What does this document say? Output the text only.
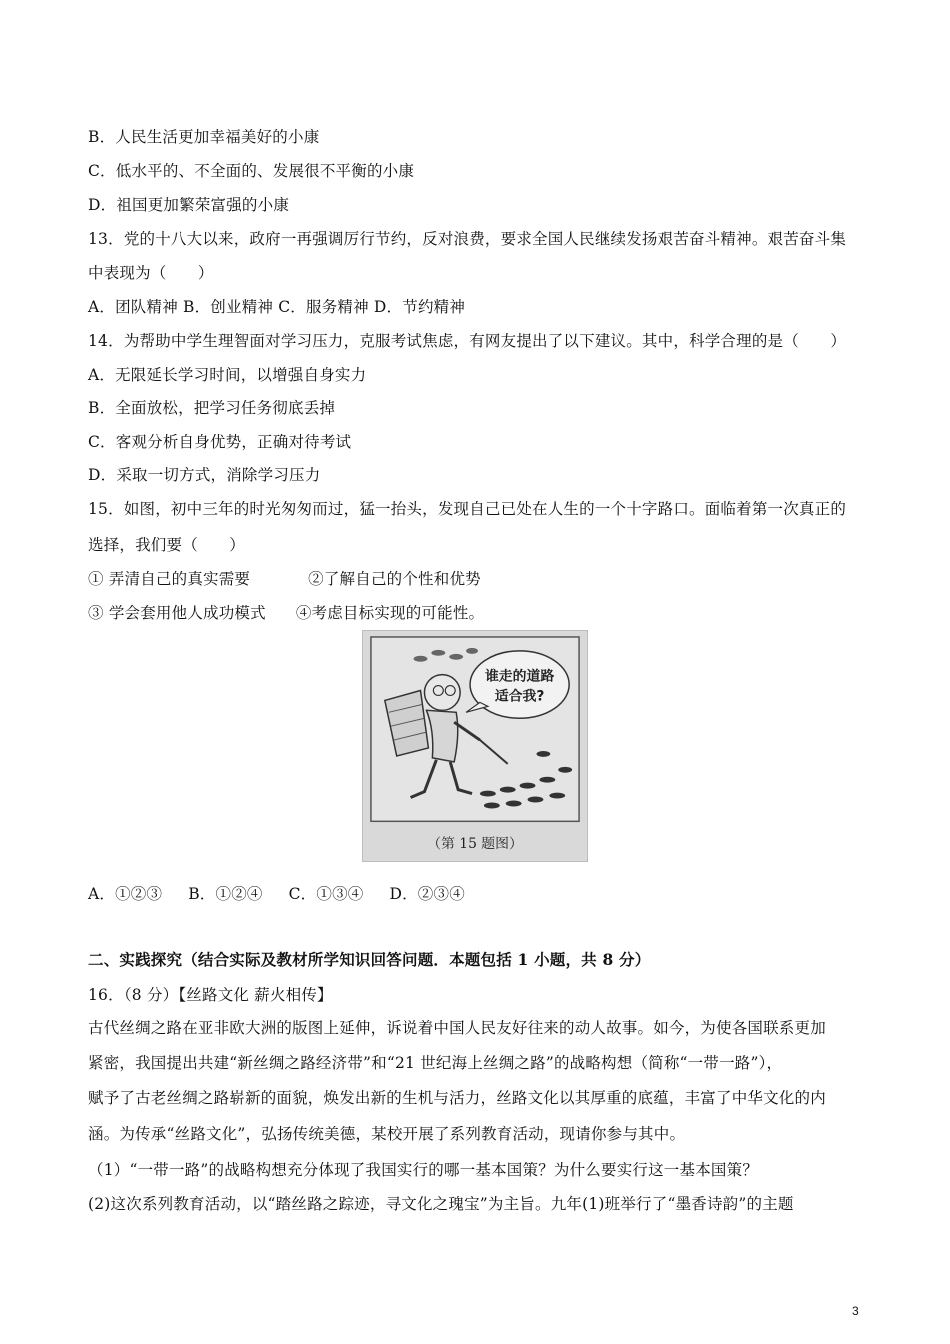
B．人民生活更加幸福美好的小康
C．低水平的、不全面的、发展很不平衡的小康
D．祖国更加繁荣富强的小康
13．党的十八大以来，政府一再强调厉行节约，反对浪费，要求全国人民继续发扬艰苦奋斗精神。艰苦奋斗集
中表现为（　　）
A．团队精神 B．创业精神 C．服务精神 D．节约精神
14．为帮助中学生理智面对学习压力，克服考试焦虑，有网友提出了以下建议。其中，科学合理的是（　　）
A．无限延长学习时间，以增强自身实力
B．全面放松，把学习任务彻底丢掉
C．客观分析自身优势，正确对待考试
D．采取一切方式，消除学习压力
15．如图，初中三年的时光匆匆而过，猛一抬头，发现自己已处在人生的一个十字路口。面临着第一次真正的
选择，我们要（　　）
① 弄清自己的真实需要	②了解自己的个性和优势
③ 学会套用他人成功模式 ④考虑目标实现的可能性。
谁走的道路
适合我?
（第 15 题图）
A．①②③ B．①②④ C．①③④ D．②③④
二、实践探究（结合实际及教材所学知识回答问题．本题包括 1 小题，共 8 分）
16．（8 分）【丝路文化 薪火相传】
古代丝绸之路在亚非欧大洲的版图上延伸，诉说着中国人民友好往来的动人故事。如今，为使各国联系更加
紧密，我国提出共建“新丝绸之路经济带”和“21 世纪海上丝绸之路”的战略构想（简称“一带一路”），
赋予了古老丝绸之路崭新的面貌，焕发出新的生机与活力，丝路文化以其厚重的底蕴，丰富了中华文化的内
涵。为传承“丝路文化”，弘扬传统美德，某校开展了系列教育活动，现请你参与其中。
（1）“一带一路”的战略构想充分体现了我国实行的哪一基本国策？为什么要实行这一基本国策？
(2)这次系列教育活动，以“踏丝路之踪迹，寻文化之瑰宝”为主旨。九年(1)班举行了“墨香诗韵”的主题
3
